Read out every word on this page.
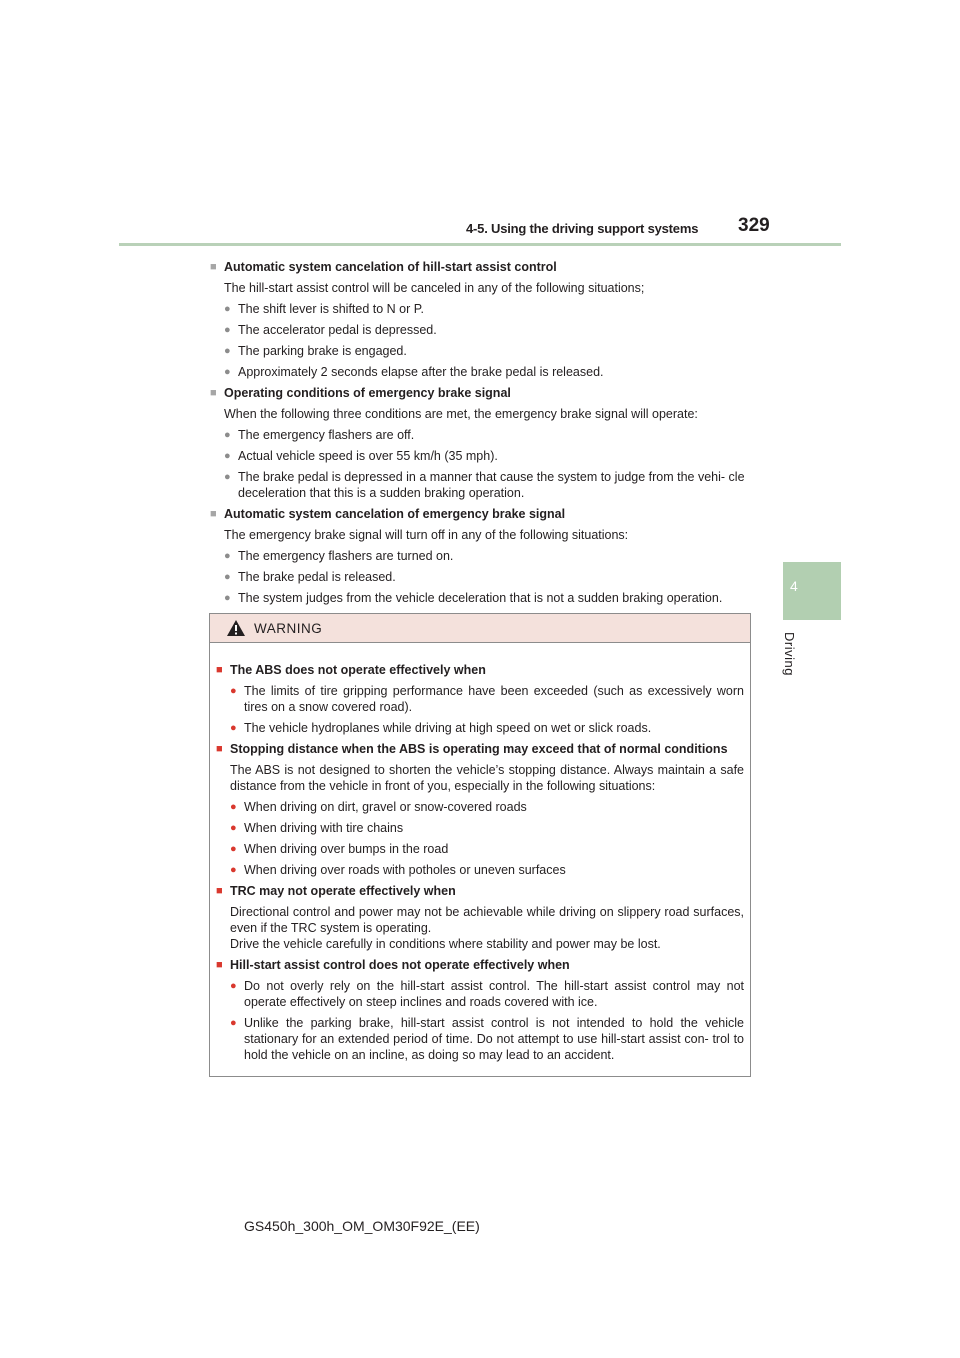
4-5. Using the driving support systems 329
4
Driving
■ Automatic system cancelation of hill-start assist control
The hill-start assist control will be canceled in any of the following situations;
● The shift lever is shifted to N or P.
● The accelerator pedal is depressed.
● The parking brake is engaged.
● Approximately 2 seconds elapse after the brake pedal is released.
■ Operating conditions of emergency brake signal
When the following three conditions are met, the emergency brake signal will operate:
● The emergency flashers are off.
● Actual vehicle speed is over 55 km/h (35 mph).
● The brake pedal is depressed in a manner that cause the system to judge from the vehi- cle deceleration that this is a sudden braking operation.
■ Automatic system cancelation of emergency brake signal
The emergency brake signal will turn off in any of the following situations:
● The emergency flashers are turned on.
● The brake pedal is released.
● The system judges from the vehicle deceleration that is not a sudden braking operation.
WARNING
■ The ABS does not operate effectively when
● The limits of tire gripping performance have been exceeded (such as excessively worn tires on a snow covered road).
● The vehicle hydroplanes while driving at high speed on wet or slick roads.
■ Stopping distance when the ABS is operating may exceed that of normal conditions
The ABS is not designed to shorten the vehicle’s stopping distance. Always maintain a safe distance from the vehicle in front of you, especially in the following situations:
● When driving on dirt, gravel or snow-covered roads
● When driving with tire chains
● When driving over bumps in the road
● When driving over roads with potholes or uneven surfaces
■ TRC may not operate effectively when
Directional control and power may not be achievable while driving on slippery road surfaces, even if the TRC system is operating.
Drive the vehicle carefully in conditions where stability and power may be lost.
■ Hill-start assist control does not operate effectively when
● Do not overly rely on the hill-start assist control. The hill-start assist control may not operate effectively on steep inclines and roads covered with ice.
● Unlike the parking brake, hill-start assist control is not intended to hold the vehicle stationary for an extended period of time. Do not attempt to use hill-start assist con- trol to hold the vehicle on an incline, as doing so may lead to an accident.
GS450h_300h_OM_OM30F92E_(EE)
